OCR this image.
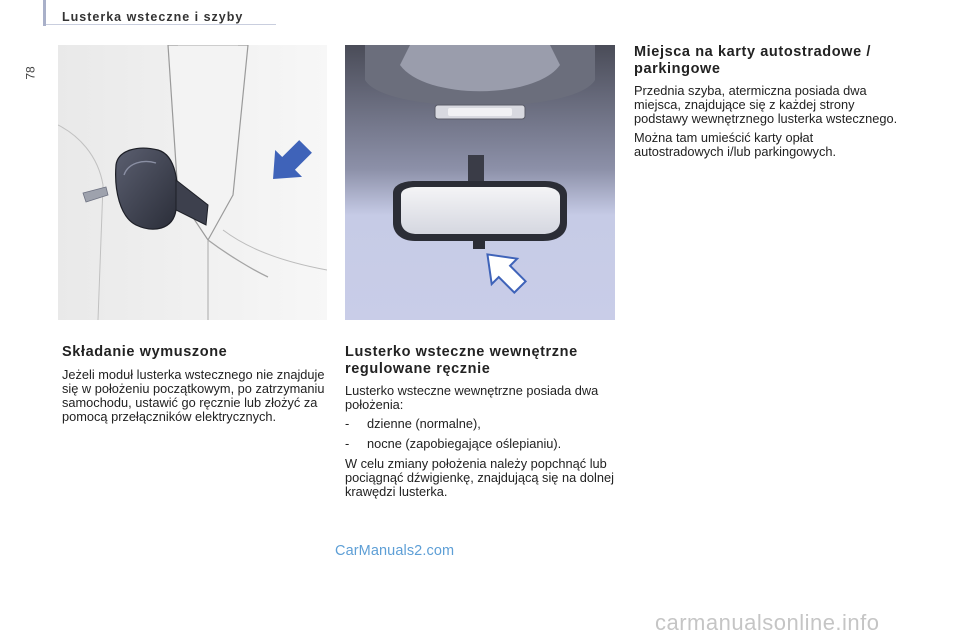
Lusterka wsteczne i szyby
78
Składanie wymuszone

Jeżeli moduł lusterka wstecznego nie znajduje się w położeniu początkowym, po zatrzymaniu samochodu, ustawić go ręcznie lub złożyć za pomocą przełączników elektrycznych.

Lusterko wsteczne wewnętrzne regulowane ręcznie

Lusterko wsteczne wewnętrzne posiada dwa położenia:

-	dzienne (normalne),
-	nocne (zapobiegające oślepianiu).

W celu zmiany położenia należy popchnąć lub pociągnąć dźwigienkę, znajdującą się na dolnej krawędzi lusterka.

Miejsca na karty autostradowe / parkingowe

Przednia szyba, atermiczna posiada dwa miejsca, znajdujące się z każdej strony podstawy wewnętrznego lusterka wstecznego.

Można tam umieścić karty opłat autostradowych i/lub parkingowych.

CarManuals2.com
carmanualsonline.info
